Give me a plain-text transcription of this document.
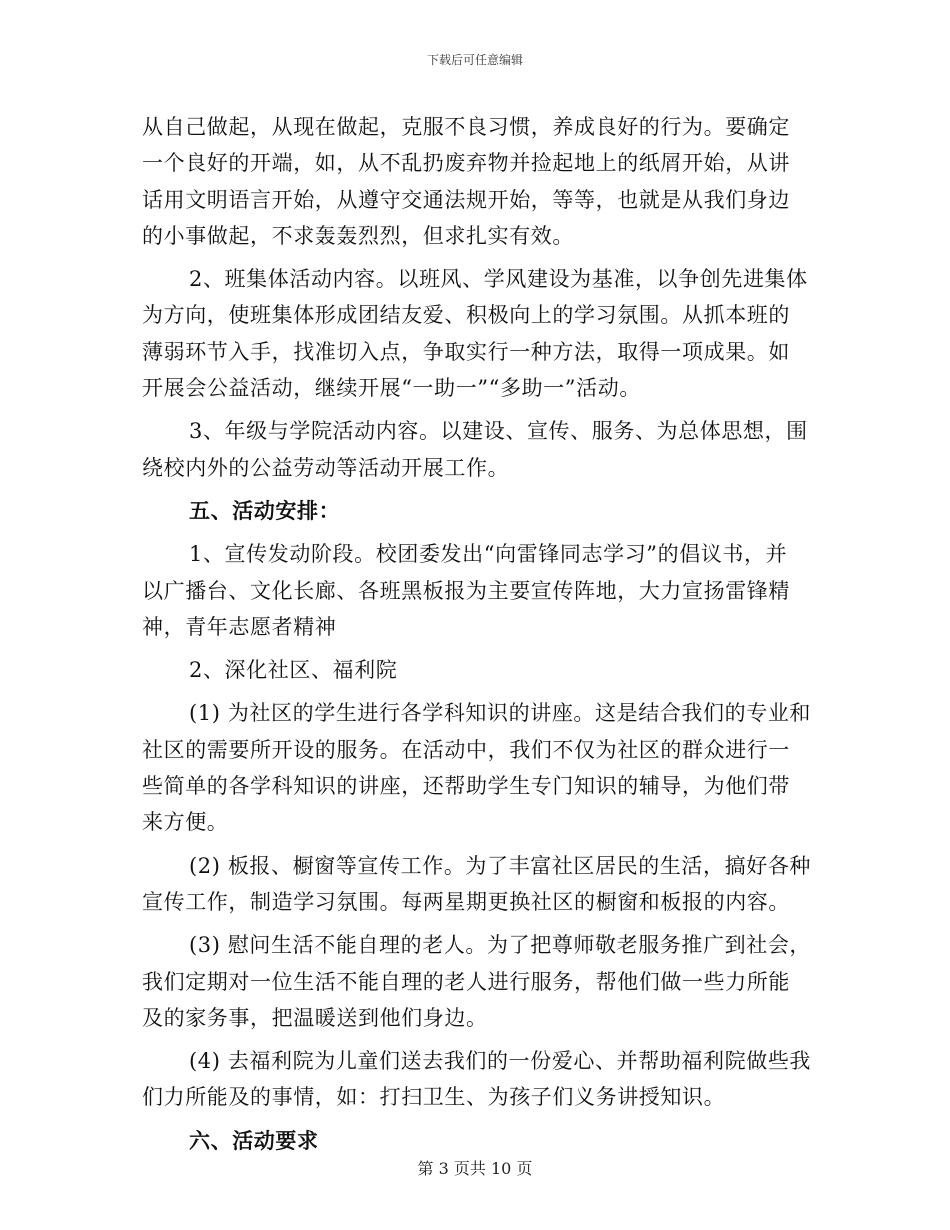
下载后可任意编辑
从自己做起，从现在做起，克服不良习惯，养成良好的行为。要确定
一个良好的开端，如，从不乱扔废弃物并捡起地上的纸屑开始，从讲
话用文明语言开始，从遵守交通法规开始，等等，也就是从我们身边
的小事做起，不求轰轰烈烈，但求扎实有效。
2、班集体活动内容。以班风、学风建设为基准，以争创先进集体
为方向，使班集体形成团结友爱、积极向上的学习氛围。从抓本班的
薄弱环节入手，找准切入点，争取实行一种方法，取得一项成果。如
开展会公益活动，继续开展“一助一”“多助一”活动。
3、年级与学院活动内容。以建设、宣传、服务、为总体思想，围
绕校内外的公益劳动等活动开展工作。
五、活动安排：
1、宣传发动阶段。校团委发出“向雷锋同志学习”的倡议书，并
以广播台、文化长廊、各班黑板报为主要宣传阵地，大力宣扬雷锋精
神，青年志愿者精神
2、深化社区、福利院
(1) 为社区的学生进行各学科知识的讲座。这是结合我们的专业和
社区的需要所开设的服务。在活动中，我们不仅为社区的群众进行一
些简单的各学科知识的讲座，还帮助学生专门知识的辅导，为他们带
来方便。
(2) 板报、橱窗等宣传工作。为了丰富社区居民的生活，搞好各种
宣传工作，制造学习氛围。每两星期更换社区的橱窗和板报的内容。
(3) 慰问生活不能自理的老人。为了把尊师敬老服务推广到社会，
我们定期对一位生活不能自理的老人进行服务，帮他们做一些力所能
及的家务事，把温暖送到他们身边。
(4) 去福利院为儿童们送去我们的一份爱心、并帮助福利院做些我
们力所能及的事情，如：打扫卫生、为孩子们义务讲授知识。
六、活动要求
第 3 页共 10 页
